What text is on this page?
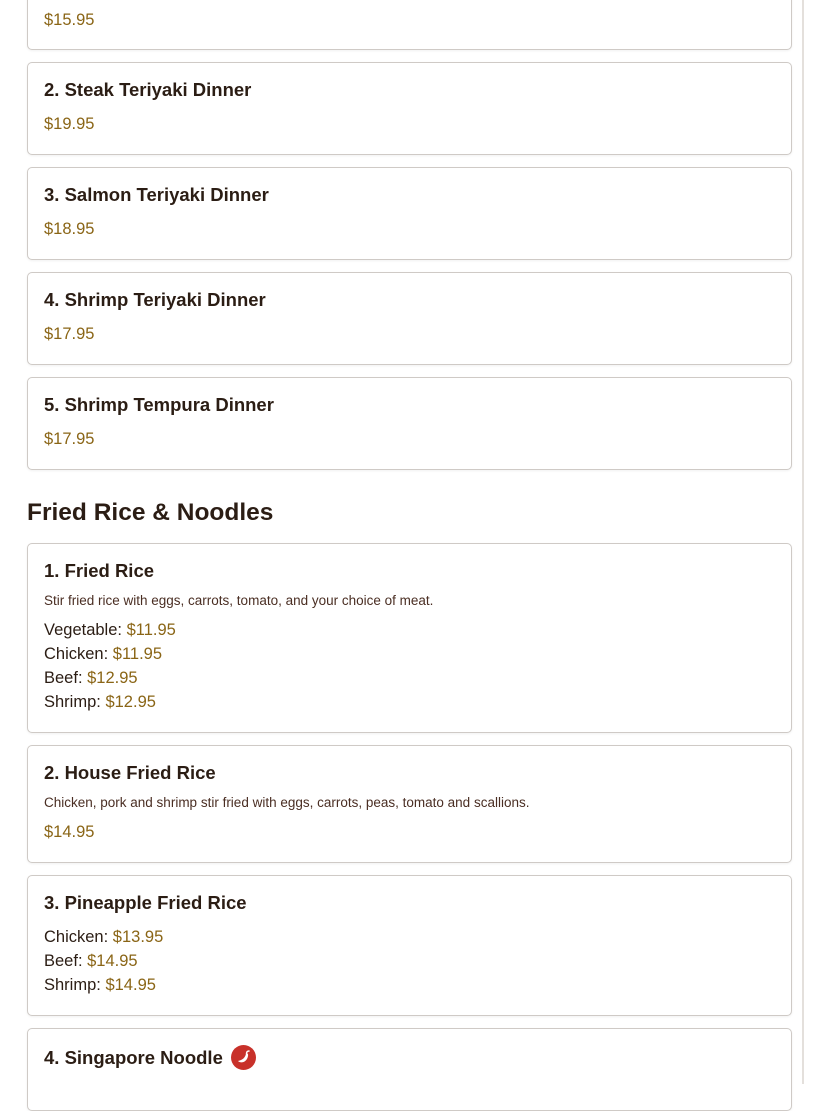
$15.95
2. Steak Teriyaki Dinner
$19.95
3. Salmon Teriyaki Dinner
$18.95
4. Shrimp Teriyaki Dinner
$17.95
5. Shrimp Tempura Dinner
$17.95
Fried Rice & Noodles
1. Fried Rice
Stir fried rice with eggs, carrots, tomato, and your choice of meat.
Vegetable: $11.95
Chicken: $11.95
Beef: $12.95
Shrimp: $12.95
2. House Fried Rice
Chicken, pork and shrimp stir fried with eggs, carrots, peas, tomato and scallions.
$14.95
3. Pineapple Fried Rice
Chicken: $13.95
Beef: $14.95
Shrimp: $14.95
4. Singapore Noodle
